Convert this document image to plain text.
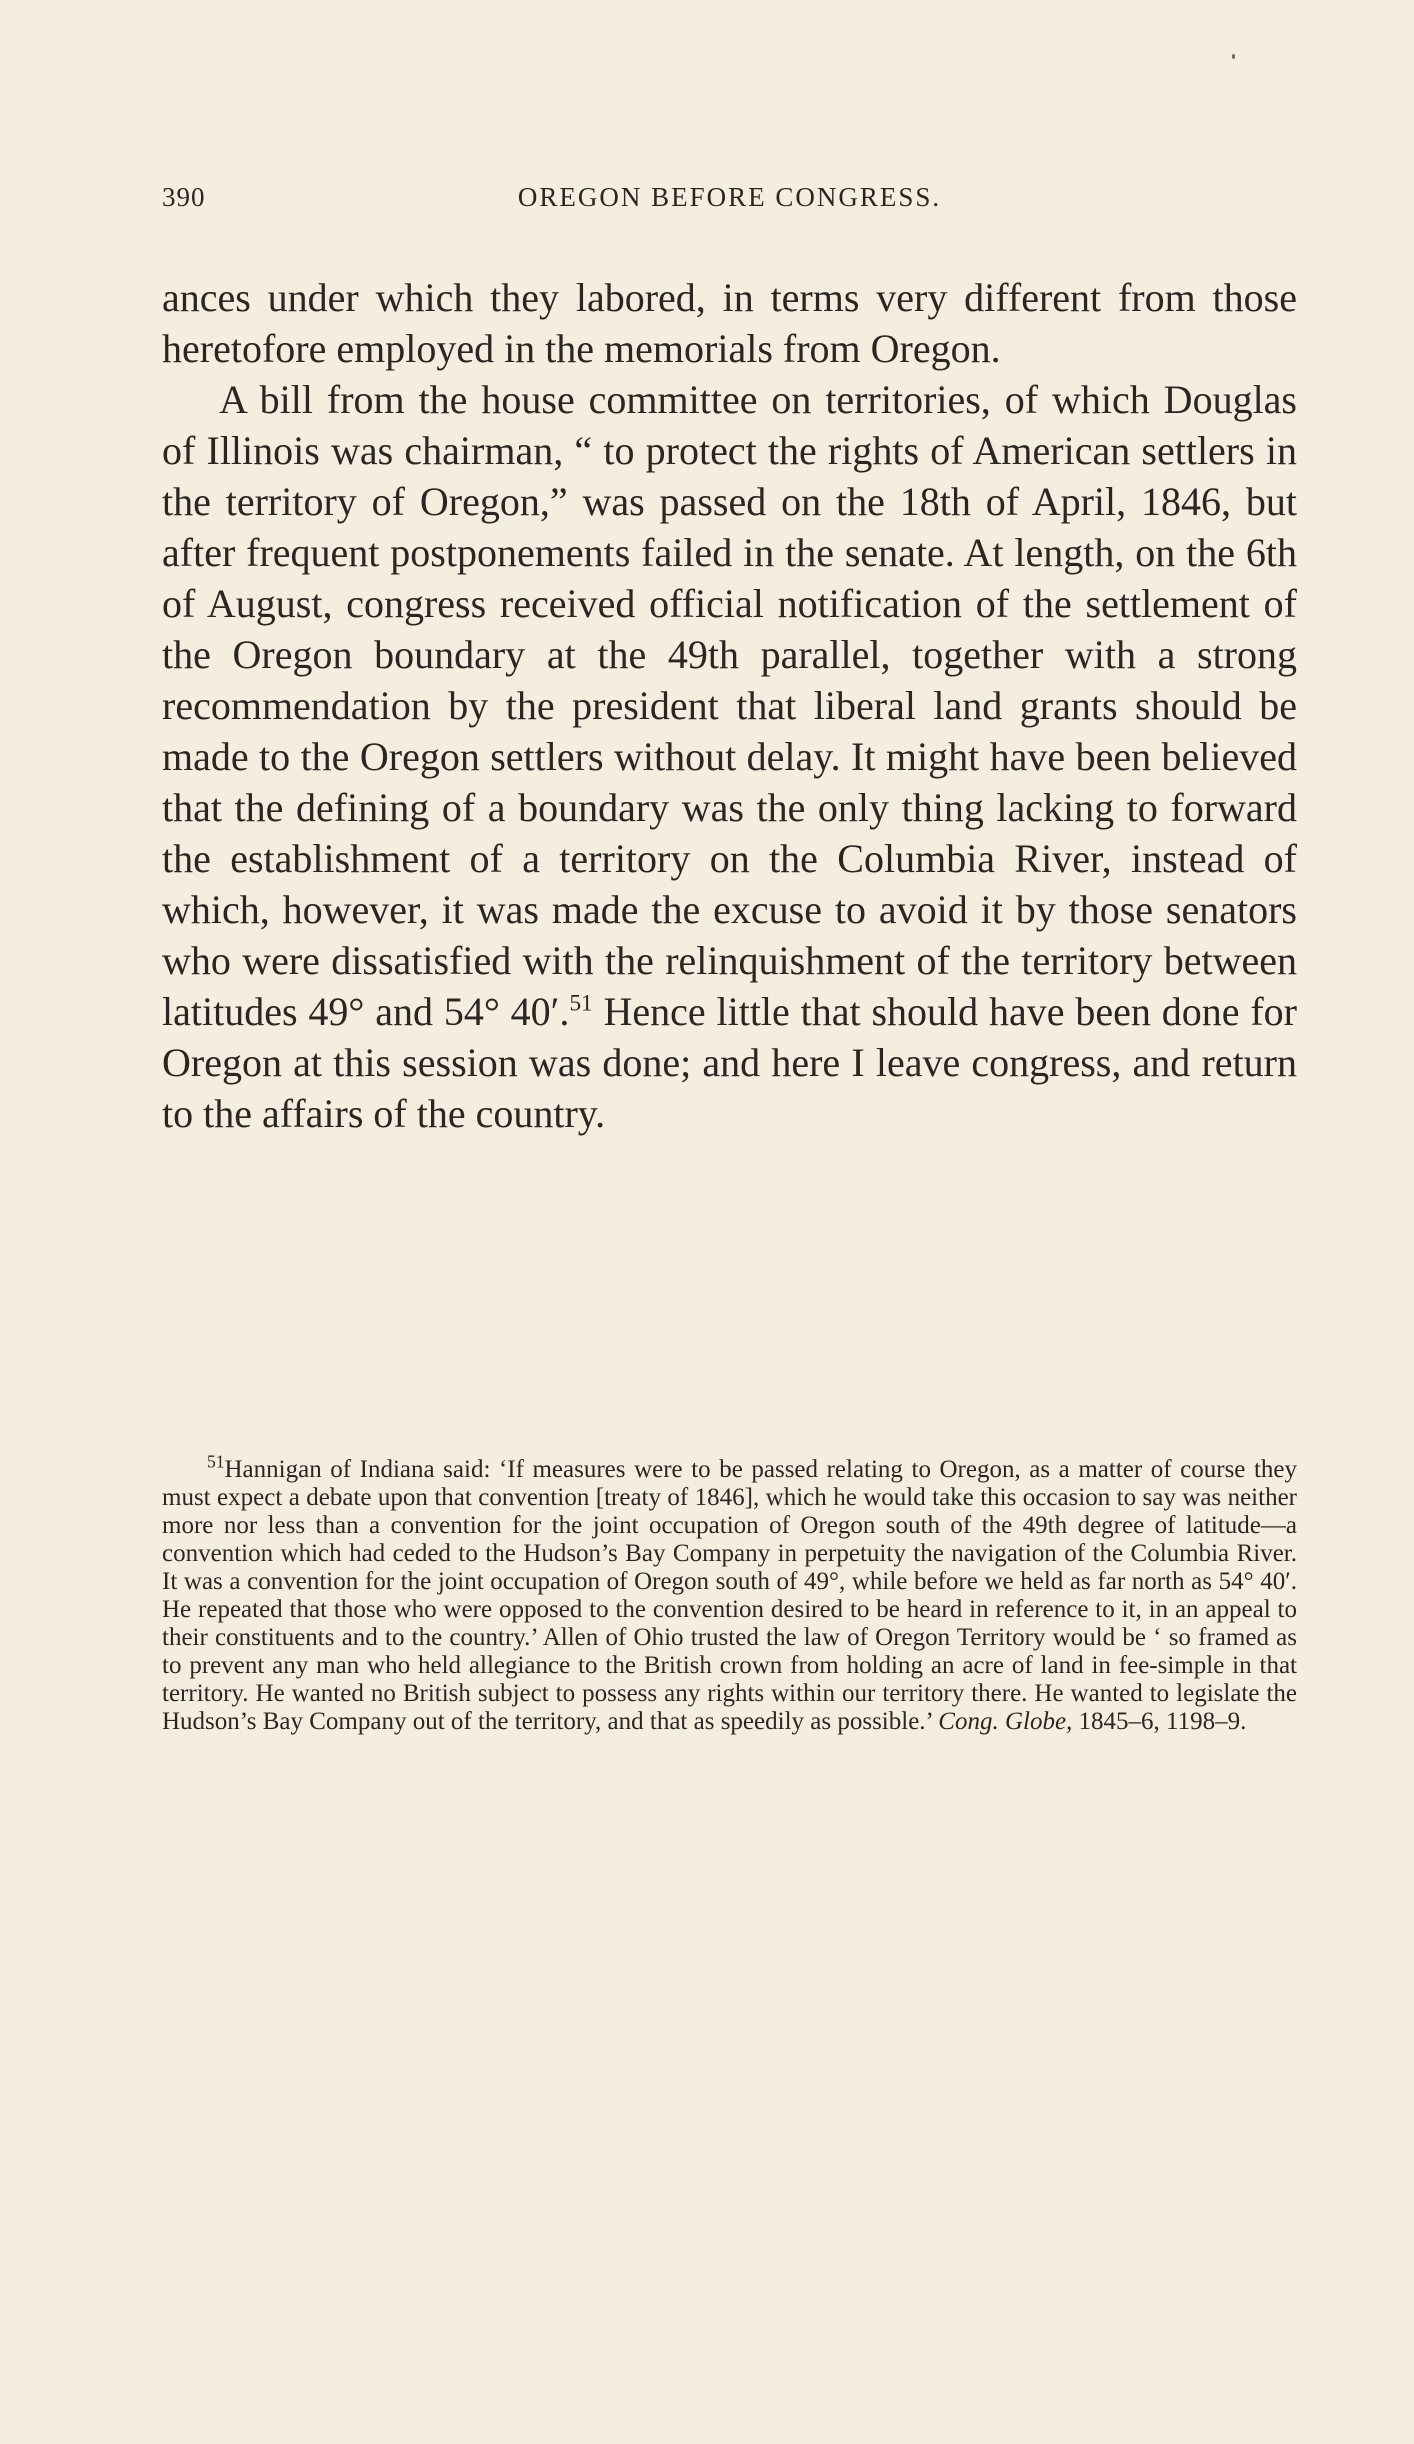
390	OREGON BEFORE CONGRESS.

ances under which they labored, in terms very different from those heretofore employed in the memorials from Oregon.

A bill from the house committee on territories, of which Douglas of Illinois was chairman, “ to protect the rights of American settlers in the territory of Oregon,” was passed on the 18th of April, 1846, but after frequent postponements failed in the senate. At length, on the 6th of August, congress received official notification of the settlement of the Oregon boundary at the 49th parallel, together with a strong recommendation by the president that liberal land grants should be made to the Oregon settlers without delay. It might have been believed that the defining of a boundary was the only thing lacking to forward the establishment of a territory on the Columbia River, instead of which, however, it was made the excuse to avoid it by those senators who were dissatisfied with the relinquishment of the territory between latitudes 49° and 54° 40′.$^{51}$ Hence little that should have been done for Oregon at this session was done; and here I leave congress, and return to the affairs of the country.

$^{51}$Hannigan of Indiana said: ‘If measures were to be passed relating to Oregon, as a matter of course they must expect a debate upon that convention [treaty of 1846], which he would take this occasion to say was neither more nor less than a convention for the joint occupation of Oregon south of the 49th degree of latitude—a convention which had ceded to the Hudson’s Bay Company in perpetuity the navigation of the Columbia River. It was a convention for the joint occupation of Oregon south of 49°, while before we held as far north as 54° 40′. He repeated that those who were opposed to the convention desired to be heard in reference to it, in an appeal to their constituents and to the country.’ Allen of Ohio trusted the law of Oregon Territory would be ‘ so framed as to prevent any man who held allegiance to the British crown from holding an acre of land in fee-simple in that territory. He wanted no British subject to possess any rights within our territory there. He wanted to legislate the Hudson’s Bay Company out of the territory, and that as speedily as possible.’ Cong. Globe, 1845–6, 1198–9.
